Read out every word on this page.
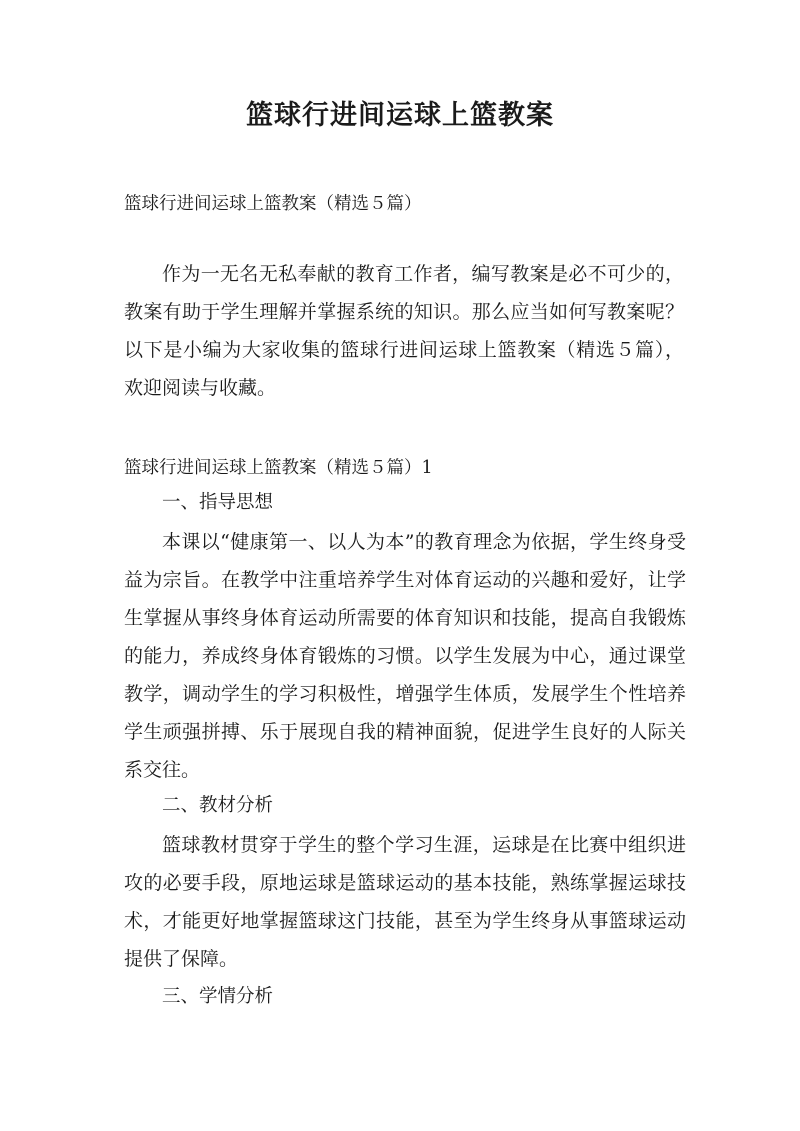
篮球行进间运球上篮教案
篮球行进间运球上篮教案（精选５篇）
作为一无名无私奉献的教育工作者，编写教案是必不可少的，教案有助于学生理解并掌握系统的知识。那么应当如何写教案呢？以下是小编为大家收集的篮球行进间运球上篮教案（精选５篇），欢迎阅读与收藏。
篮球行进间运球上篮教案（精选５篇）1
一、指导思想
本课以“健康第一、以人为本”的教育理念为依据，学生终身受益为宗旨。在教学中注重培养学生对体育运动的兴趣和爱好，让学生掌握从事终身体育运动所需要的体育知识和技能，提高自我锻炼的能力，养成终身体育锻炼的习惯。以学生发展为中心，通过课堂教学，调动学生的学习积极性，增强学生体质，发展学生个性培养学生顽强拼搏、乐于展现自我的精神面貌，促进学生良好的人际关系交往。
二、教材分析
篮球教材贯穿于学生的整个学习生涯，运球是在比赛中组织进攻的必要手段，原地运球是篮球运动的基本技能，熟练掌握运球技术，才能更好地掌握篮球这门技能，甚至为学生终身从事篮球运动提供了保障。
三、学情分析
